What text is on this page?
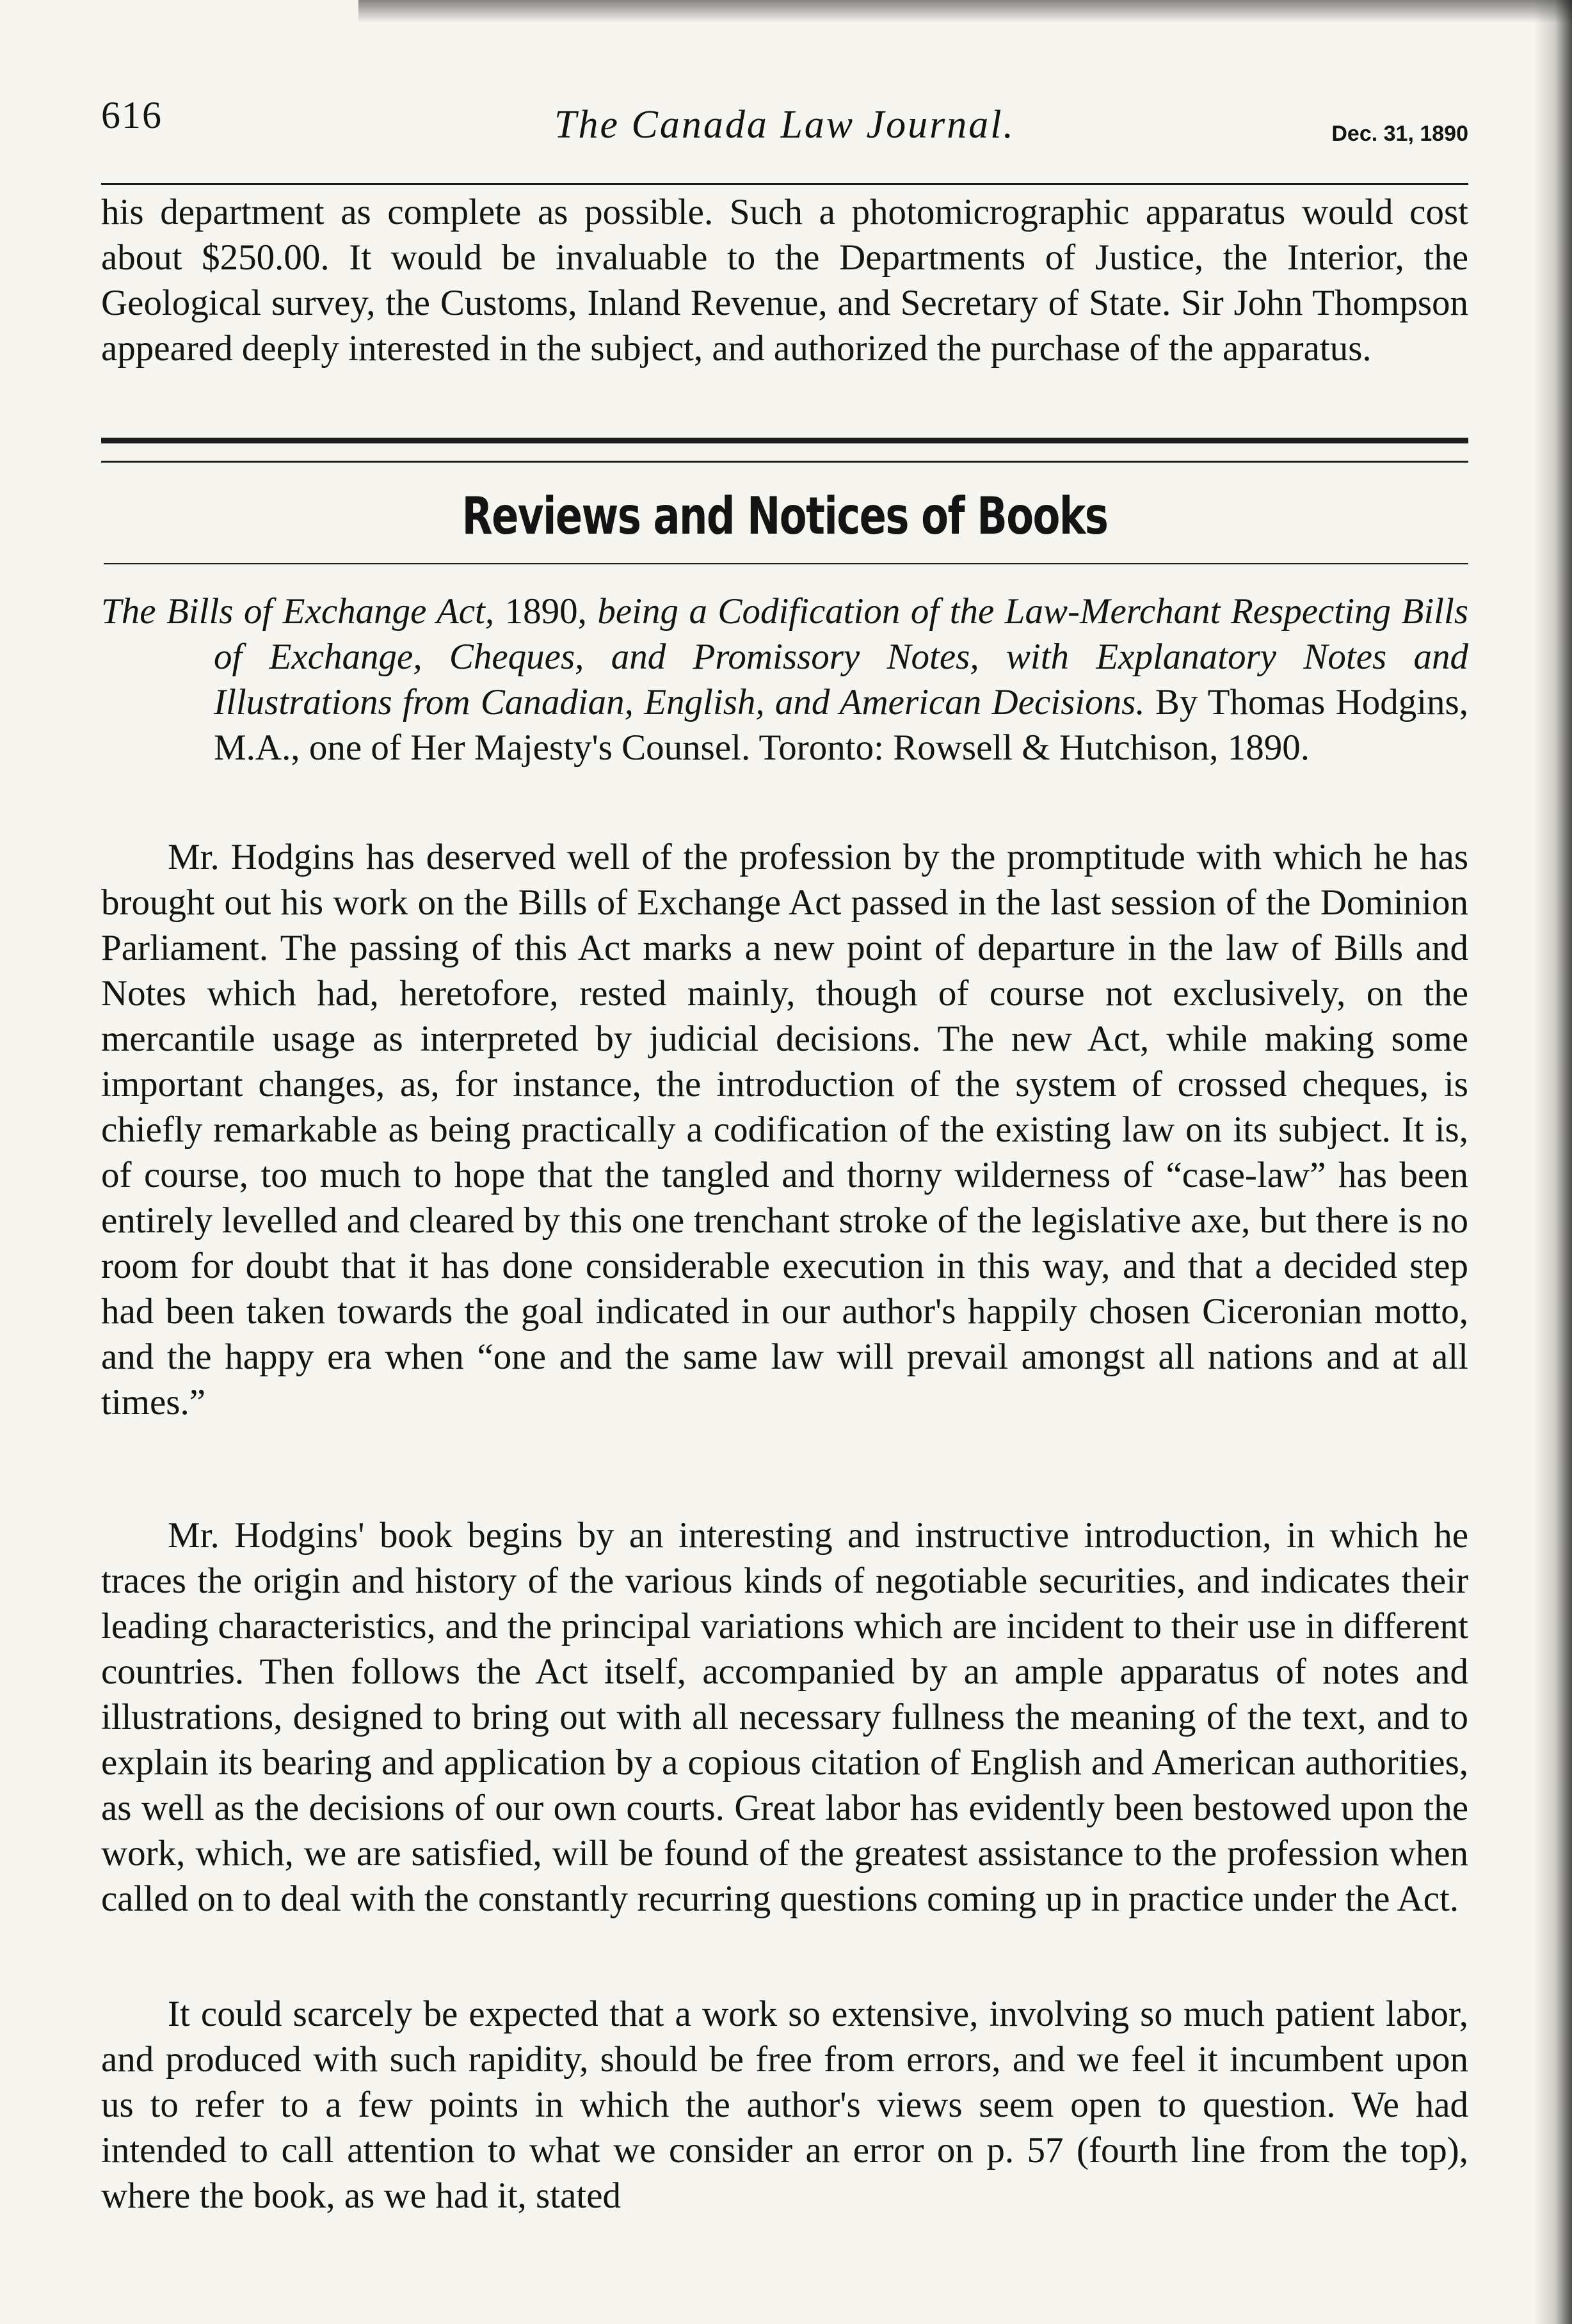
616	The Canada Law Journal.	Dec. 31, 1890

his department as complete as possible. Such a photomicrographic apparatus would cost about $250.00. It would be invaluable to the Departments of Justice, the Interior, the Geological survey, the Customs, Inland Revenue, and Secretary of State. Sir John Thompson appeared deeply interested in the subject, and authorized the purchase of the apparatus.

Reviews and Notices of Books

The Bills of Exchange Act, 1890, being a Codification of the Law-Merchant Respecting Bills of Exchange, Cheques, and Promissory Notes, with Explanatory Notes and Illustrations from Canadian, English, and American Decisions. By Thomas Hodgins, M.A., one of Her Majesty's Counsel. Toronto: Rowsell & Hutchison, 1890.

Mr. Hodgins has deserved well of the profession by the promptitude with which he has brought out his work on the Bills of Exchange Act passed in the last session of the Dominion Parliament. The passing of this Act marks a new point of departure in the law of Bills and Notes which had, heretofore, rested mainly, though of course not exclusively, on the mercantile usage as interpreted by judicial decisions. The new Act, while making some important changes, as, for instance, the introduction of the system of crossed cheques, is chiefly remarkable as being practically a codification of the existing law on its subject. It is, of course, too much to hope that the tangled and thorny wilderness of “case-law” has been entirely levelled and cleared by this one trenchant stroke of the legislative axe, but there is no room for doubt that it has done considerable execution in this way, and that a decided step had been taken towards the goal indicated in our author's happily chosen Ciceronian motto, and the happy era when “one and the same law will prevail amongst all nations and at all times.”

Mr. Hodgins' book begins by an interesting and instructive introduction, in which he traces the origin and history of the various kinds of negotiable securities, and indicates their leading characteristics, and the principal variations which are incident to their use in different countries. Then follows the Act itself, accompanied by an ample apparatus of notes and illustrations, designed to bring out with all necessary fullness the meaning of the text, and to explain its bearing and application by a copious citation of English and American authorities, as well as the decisions of our own courts. Great labor has evidently been bestowed upon the work, which, we are satisfied, will be found of the greatest assistance to the profession when called on to deal with the constantly recurring questions coming up in practice under the Act.

It could scarcely be expected that a work so extensive, involving so much patient labor, and produced with such rapidity, should be free from errors, and we feel it incumbent upon us to refer to a few points in which the author's views seem open to question. We had intended to call attention to what we consider an error on p. 57 (fourth line from the top), where the book, as we had it, stated
